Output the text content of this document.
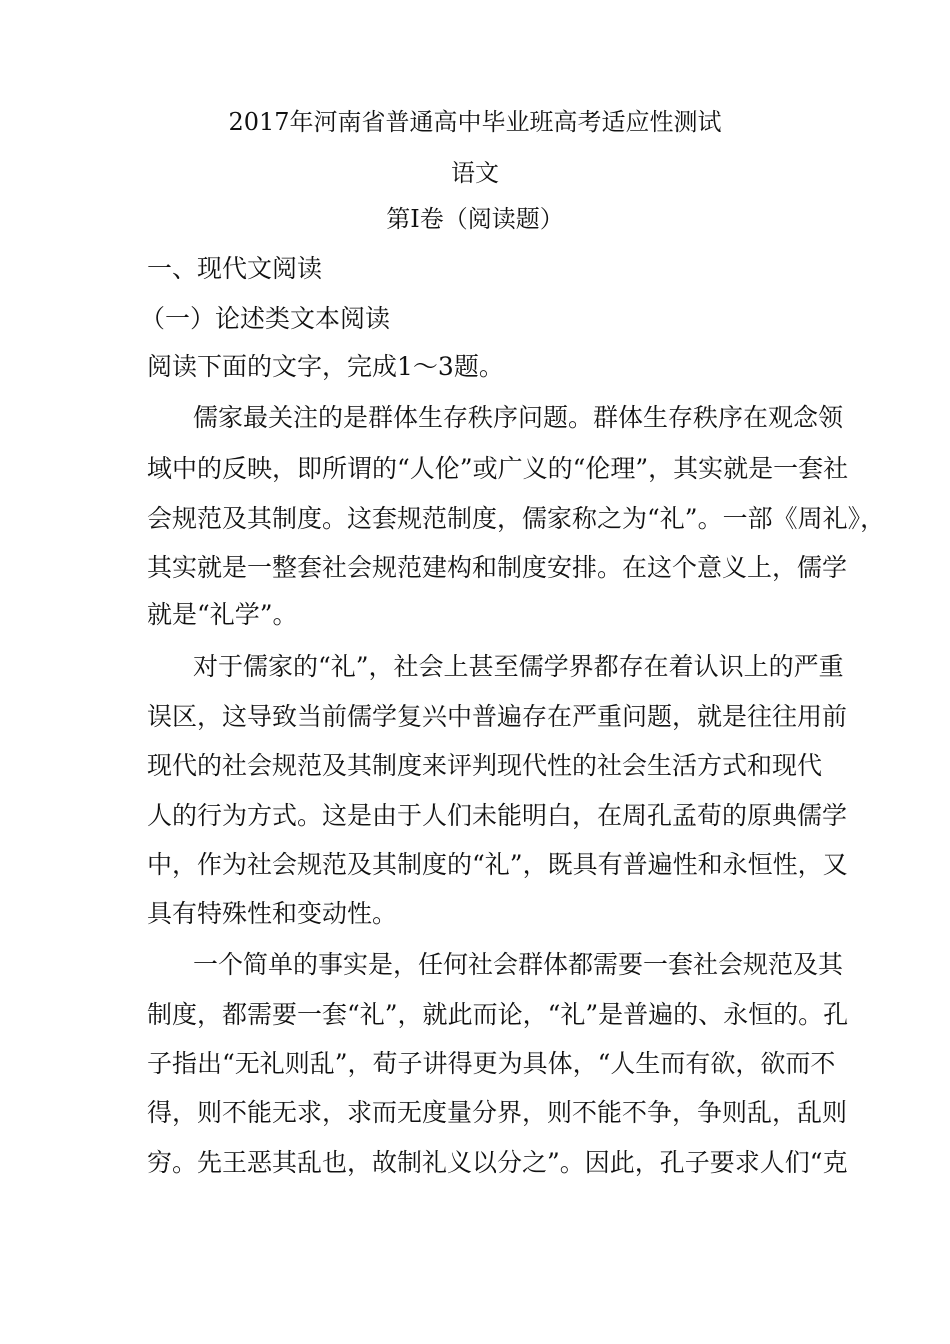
2017年河南省普通高中毕业班高考适应性测试
语文
第Ⅰ卷（阅读题）
一、现代文阅读
（一）论述类文本阅读
阅读下面的文字，完成1～3题。
儒家最关注的是群体生存秩序问题。群体生存秩序在观念领
域中的反映，即所谓的“人伦”或广义的“伦理”，其实就是一套社
会规范及其制度。这套规范制度，儒家称之为“礼”。一部《周礼》，
其实就是一整套社会规范建构和制度安排。在这个意义上，儒学
就是“礼学”。
对于儒家的“礼”，社会上甚至儒学界都存在着认识上的严重
误区，这导致当前儒学复兴中普遍存在严重问题，就是往往用前
现代的社会规范及其制度来评判现代性的社会生活方式和现代
人的行为方式。这是由于人们未能明白，在周孔孟荀的原典儒学
中，作为社会规范及其制度的“礼”，既具有普遍性和永恒性，又
具有特殊性和变动性。
一个简单的事实是，任何社会群体都需要一套社会规范及其
制度，都需要一套“礼”，就此而论，“礼”是普遍的、永恒的。孔
子指出“无礼则乱”，荀子讲得更为具体，“人生而有欲，欲而不
得，则不能无求，求而无度量分界，则不能不争，争则乱，乱则
穷。先王恶其乱也，故制礼义以分之”。因此，孔子要求人们“克
